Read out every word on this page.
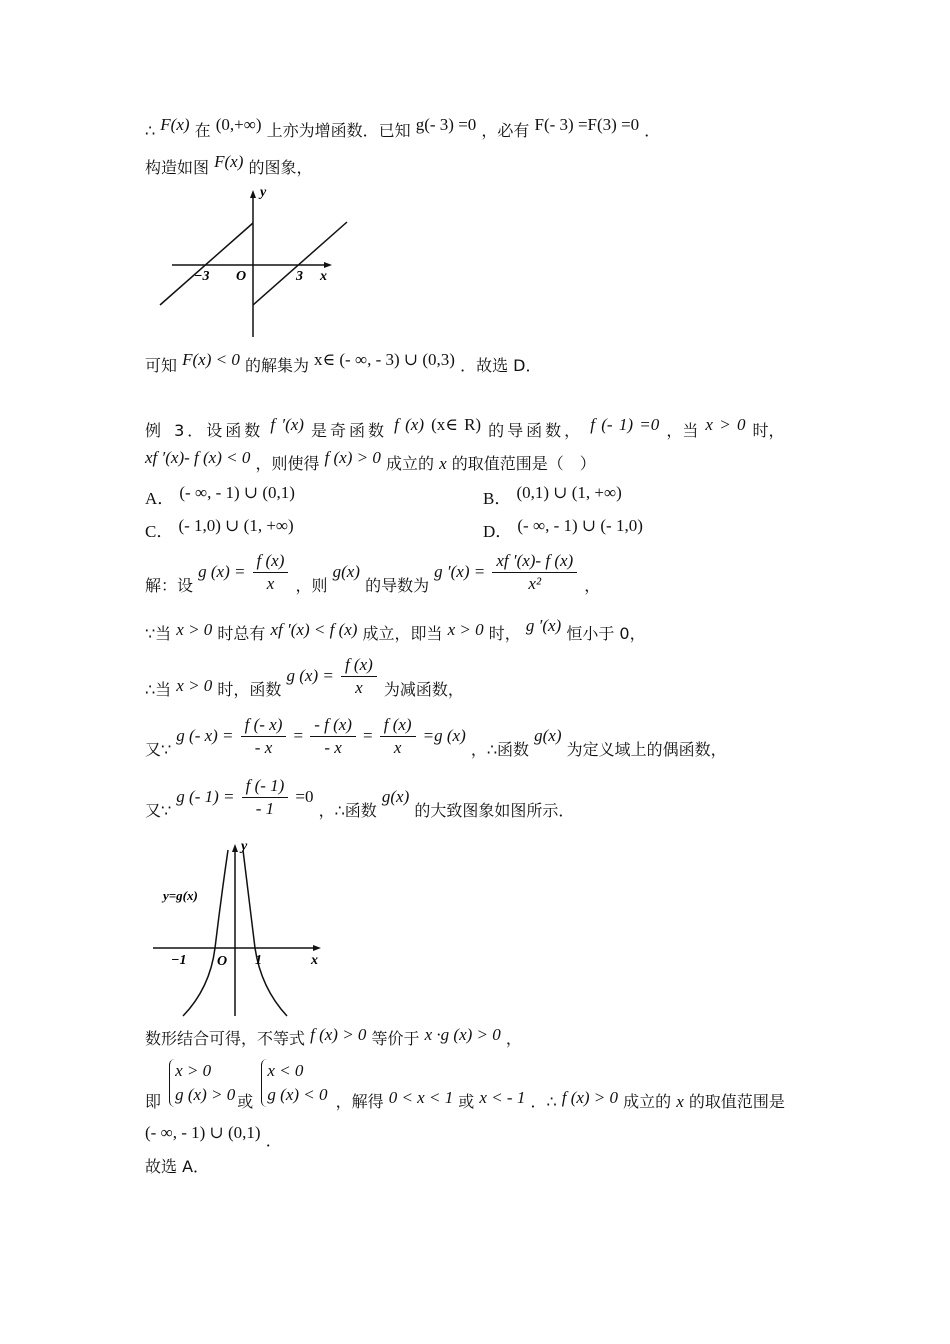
∴ F(x) 在 (0,+∞) 上亦为增函数．已知 g(- 3) =0 ，必有 F(- 3) =F(3) =0 ．
构造如图 F(x) 的图象，
y
x
O
−3	3
可知 F(x) < 0 的解集为 x∈ (- ∞, - 3) ∪ (0,3) ．故选 D．
例 3．设函数 f ′(x) 是奇函数 f (x) (x∈ R) 的导函数， f (- 1) =0 ，当 x > 0 时，
xf ′(x)- f (x) < 0 ，则使得 f (x) > 0 成立的 x 的取值范围是（　）
A． (- ∞, - 1) ∪ (0,1)	B． (0,1) ∪ (1, +∞)
C． (- 1,0) ∪ (1, +∞)	D． (- ∞, - 1) ∪ (- 1,0)
解：设 g $(x) = \frac{f (x)}{x}$ ，则 g(x) 的导数为 g $'(x) = \frac{xf '(x)- f (x)}{\text{x²}}$ ，
∵当 x > 0 时总有 xf ′(x) < f (x) 成立，即当 x > 0 时， g ′(x) 恒小于 0，
∴当 x > 0 时，函数 g $(x) = \frac{f (x)}{x}$ 为减函数，
又∵ g (- $x) = \frac{f (- x)}{- x} = \frac{- f (x)}{- x} = \frac{f (x)}{x} =g$ (x) ，∴函数 g(x) 为定义域上的偶函数，
又∵ g (- $1) = \frac{f (- 1)}{- 1} =0$ ，∴函数 g(x) 的大致图象如图所示．
y=g(x)
y
x
O
−1	1
数形结合可得，不等式 f (x) > 0 等价于 x ·g (x) > 0 ，
即
x > 0
g (x) > 0 或
x < 0
g (x) < 0 ，解得 0 < x < 1 或 x < - 1 ．∴ f (x) > 0 成立的 x 的取值范围是
(- ∞, - 1) ∪ (0,1) ．
故选 A．
